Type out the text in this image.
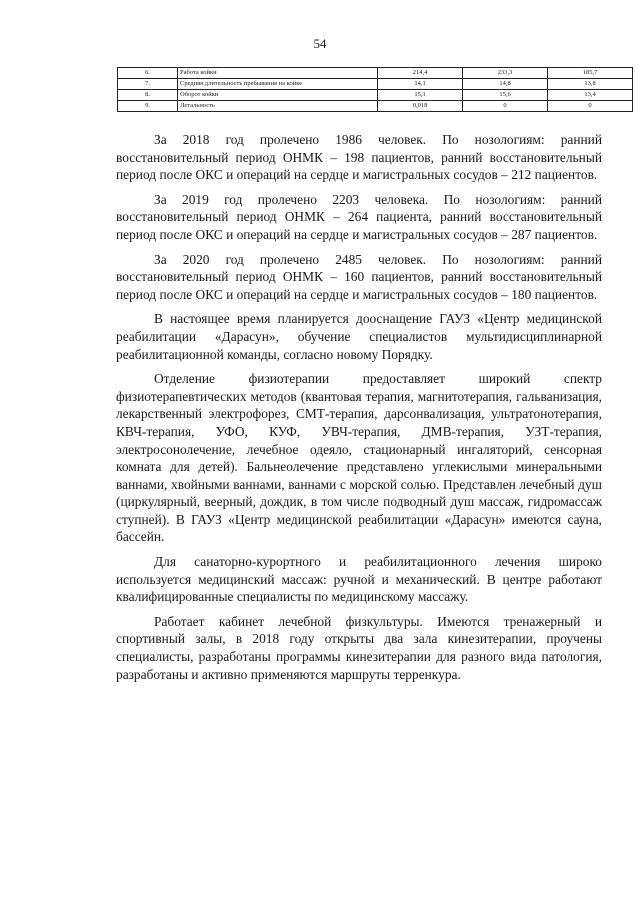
54
6.	Работа койки	214,4	233,3	185,7
7.	Средняя длительность пребывания на койке	14,1	14,8	13,8
8.	Оборот койки	15,1	15,6	13,4
9.	Летальность	0,018	0	0

За 2018 год пролечено 1986 человек. По нозологиям: ранний восстановительный период ОНМК – 198 пациентов, ранний восстановительный период после ОКС и операций на сердце и магистральных сосудов – 212 пациентов.

За 2019 год пролечено 2203 человека. По нозологиям: ранний восстановительный период ОНМК – 264 пациента, ранний восстановительный период после ОКС и операций на сердце и магистральных сосудов – 287 пациентов.

За 2020 год пролечено 2485 человек. По нозологиям: ранний восстановительный период ОНМК – 160 пациентов, ранний восстановительный период после ОКС и операций на сердце и магистральных сосудов – 180 пациентов.

В настоящее время планируется дооснащение ГАУЗ «Центр медицинской реабилитации «Дарасун», обучение специалистов мультидисциплинарной реабилитационной команды, согласно новому Порядку.

Отделение физиотерапии предоставляет широкий спектр физиотерапевтических методов (квантовая терапия, магнитотерапия, гальванизация, лекарственный электрофорез, СМТ-терапия, дарсонвализация, ультратонотерапия, КВЧ-терапия, УФО, КУФ, УВЧ-терапия, ДМВ-терапия, УЗТ-терапия, электросонолечение, лечебное одеяло, стационарный ингаляторий, сенсорная комната для детей). Бальнеолечение представлено углекислыми минеральными ваннами, хвойными ваннами, ваннами с морской солью. Представлен лечебный душ (циркулярный, веерный, дождик, в том числе подводный душ массаж, гидромассаж ступней). В ГАУЗ «Центр медицинской реабилитации «Дарасун» имеются сауна, бассейн.

Для санаторно-курортного и реабилитационного лечения широко используется медицинский массаж: ручной и механический. В центре работают квалифицированные специалисты по медицинскому массажу.

Работает кабинет лечебной физкультуры. Имеются тренажерный и спортивный залы, в 2018 году открыты два зала кинезитерапии, проучены специалисты, разработаны программы кинезитерапии для разного вида патология, разработаны и активно применяются маршруты терренкура.
